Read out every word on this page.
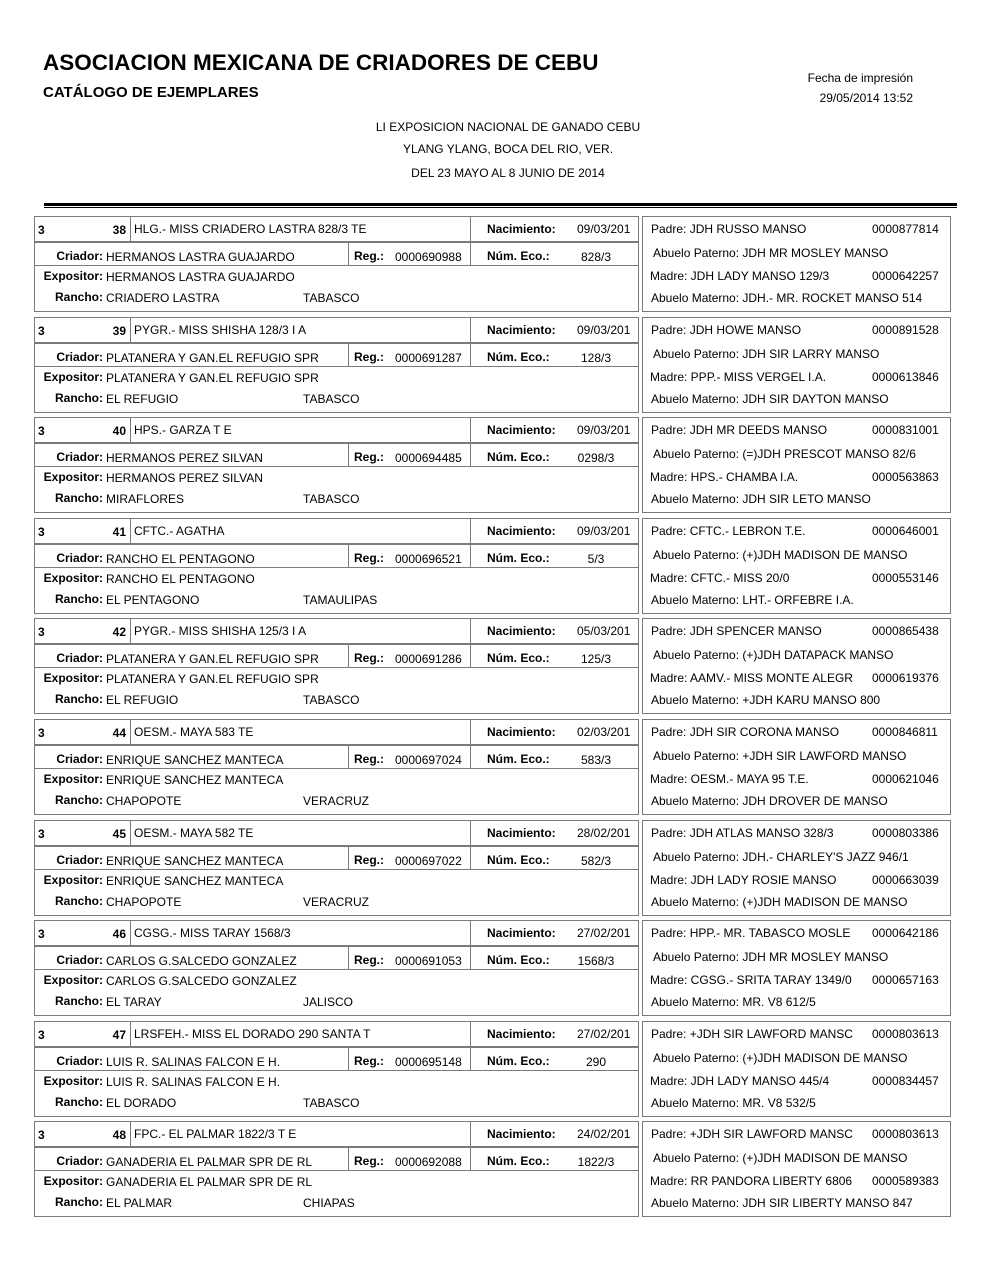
ASOCIACION MEXICANA DE CRIADORES DE CEBU
CATÁLOGO DE EJEMPLARES
Fecha de impresión
29/05/2014 13:52
LI EXPOSICION NACIONAL DE GANADO CEBU
YLANG YLANG, BOCA DEL RIO, VER.
DEL 23 MAYO AL 8 JUNIO DE 2014
3	38 HLG.- MISS CRIADERO LASTRA 828/3 TE	Nacimiento: 09/03/201
Criador: HERMANOS LASTRA GUAJARDO	Reg.: 0000690988 Núm. Eco.:	828/3
Expositor: HERMANOS LASTRA GUAJARDO
Rancho: CRIADERO LASTRA	TABASCO
Padre: JDH RUSSO MANSO	0000877814
Abuelo Paterno: JDH MR MOSLEY MANSO
Madre: JDH LADY MANSO 129/3	0000642257
Abuelo Materno: JDH.- MR. ROCKET MANSO 514
3	39 PYGR.- MISS SHISHA 128/3 I A	Nacimiento: 09/03/201
Criador: PLATANERA Y GAN.EL REFUGIO SPR	Reg.: 0000691287 Núm. Eco.:	128/3
Expositor: PLATANERA Y GAN.EL REFUGIO SPR
Rancho: EL REFUGIO	TABASCO
Padre: JDH HOWE MANSO	0000891528
Abuelo Paterno: JDH SIR LARRY MANSO
Madre: PPP.- MISS VERGEL I.A.	0000613846
Abuelo Materno: JDH SIR DAYTON MANSO
3	40 HPS.- GARZA T E	Nacimiento: 09/03/201
Criador: HERMANOS PEREZ SILVAN	Reg.: 0000694485 Núm. Eco.:	0298/3
Expositor: HERMANOS PEREZ SILVAN
Rancho: MIRAFLORES	TABASCO
Padre: JDH MR DEEDS MANSO	0000831001
Abuelo Paterno: (=)JDH PRESCOT MANSO 82/6
Madre: HPS.- CHAMBA I.A.	0000563863
Abuelo Materno: JDH SIR LETO MANSO
3	41 CFTC.- AGATHA	Nacimiento: 09/03/201
Criador: RANCHO EL PENTAGONO	Reg.: 0000696521 Núm. Eco.:	5/3
Expositor: RANCHO EL PENTAGONO
Rancho: EL PENTAGONO	TAMAULIPAS
Padre: CFTC.- LEBRON T.E.	0000646001
Abuelo Paterno: (+)JDH MADISON DE MANSO
Madre: CFTC.- MISS 20/0	0000553146
Abuelo Materno: LHT.- ORFEBRE I.A.
3	42 PYGR.- MISS SHISHA 125/3 I A	Nacimiento: 05/03/201
Criador: PLATANERA Y GAN.EL REFUGIO SPR	Reg.: 0000691286 Núm. Eco.:	125/3
Expositor: PLATANERA Y GAN.EL REFUGIO SPR
Rancho: EL REFUGIO	TABASCO
Padre: JDH SPENCER MANSO	0000865438
Abuelo Paterno: (+)JDH DATAPACK MANSO
Madre: AAMV.- MISS MONTE ALEGR	0000619376
Abuelo Materno: +JDH KARU MANSO 800
3	44 OESM.- MAYA 583 TE	Nacimiento: 02/03/201
Criador: ENRIQUE SANCHEZ MANTECA	Reg.: 0000697024 Núm. Eco.:	583/3
Expositor: ENRIQUE SANCHEZ MANTECA
Rancho: CHAPOPOTE	VERACRUZ
Padre: JDH SIR CORONA MANSO	0000846811
Abuelo Paterno: +JDH SIR LAWFORD MANSO
Madre: OESM.- MAYA 95 T.E.	0000621046
Abuelo Materno: JDH DROVER DE MANSO
3	45 OESM.- MAYA 582 TE	Nacimiento: 28/02/201
Criador: ENRIQUE SANCHEZ MANTECA	Reg.: 0000697022 Núm. Eco.:	582/3
Expositor: ENRIQUE SANCHEZ MANTECA
Rancho: CHAPOPOTE	VERACRUZ
Padre: JDH ATLAS MANSO 328/3	0000803386
Abuelo Paterno: JDH.- CHARLEY'S JAZZ 946/1
Madre: JDH LADY ROSIE MANSO	0000663039
Abuelo Materno: (+)JDH MADISON DE MANSO
3	46 CGSG.- MISS TARAY 1568/3	Nacimiento: 27/02/201
Criador: CARLOS G.SALCEDO GONZALEZ	Reg.: 0000691053 Núm. Eco.:	1568/3
Expositor: CARLOS G.SALCEDO GONZALEZ
Rancho: EL TARAY	JALISCO
Padre: HPP.- MR. TABASCO MOSLE	0000642186
Abuelo Paterno: JDH MR MOSLEY MANSO
Madre: CGSG.- SRITA TARAY 1349/0	0000657163
Abuelo Materno: MR. V8 612/5
3	47 LRSFEH.- MISS EL DORADO 290 SANTA T	Nacimiento: 27/02/201
Criador: LUIS R. SALINAS FALCON E H.	Reg.: 0000695148 Núm. Eco.:	290
Expositor: LUIS R. SALINAS FALCON E H.
Rancho: EL DORADO	TABASCO
Padre: +JDH SIR LAWFORD MANSC	0000803613
Abuelo Paterno: (+)JDH MADISON DE MANSO
Madre: JDH LADY MANSO 445/4	0000834457
Abuelo Materno: MR. V8 532/5
3	48 FPC.- EL PALMAR 1822/3 T E	Nacimiento: 24/02/201
Criador: GANADERIA EL PALMAR SPR DE RL	Reg.: 0000692088 Núm. Eco.:	1822/3
Expositor: GANADERIA EL PALMAR SPR DE RL
Rancho: EL PALMAR	CHIAPAS
Padre: +JDH SIR LAWFORD MANSC	0000803613
Abuelo Paterno: (+)JDH MADISON DE MANSO
Madre: RR PANDORA LIBERTY 6806	0000589383
Abuelo Materno: JDH SIR LIBERTY MANSO 847
